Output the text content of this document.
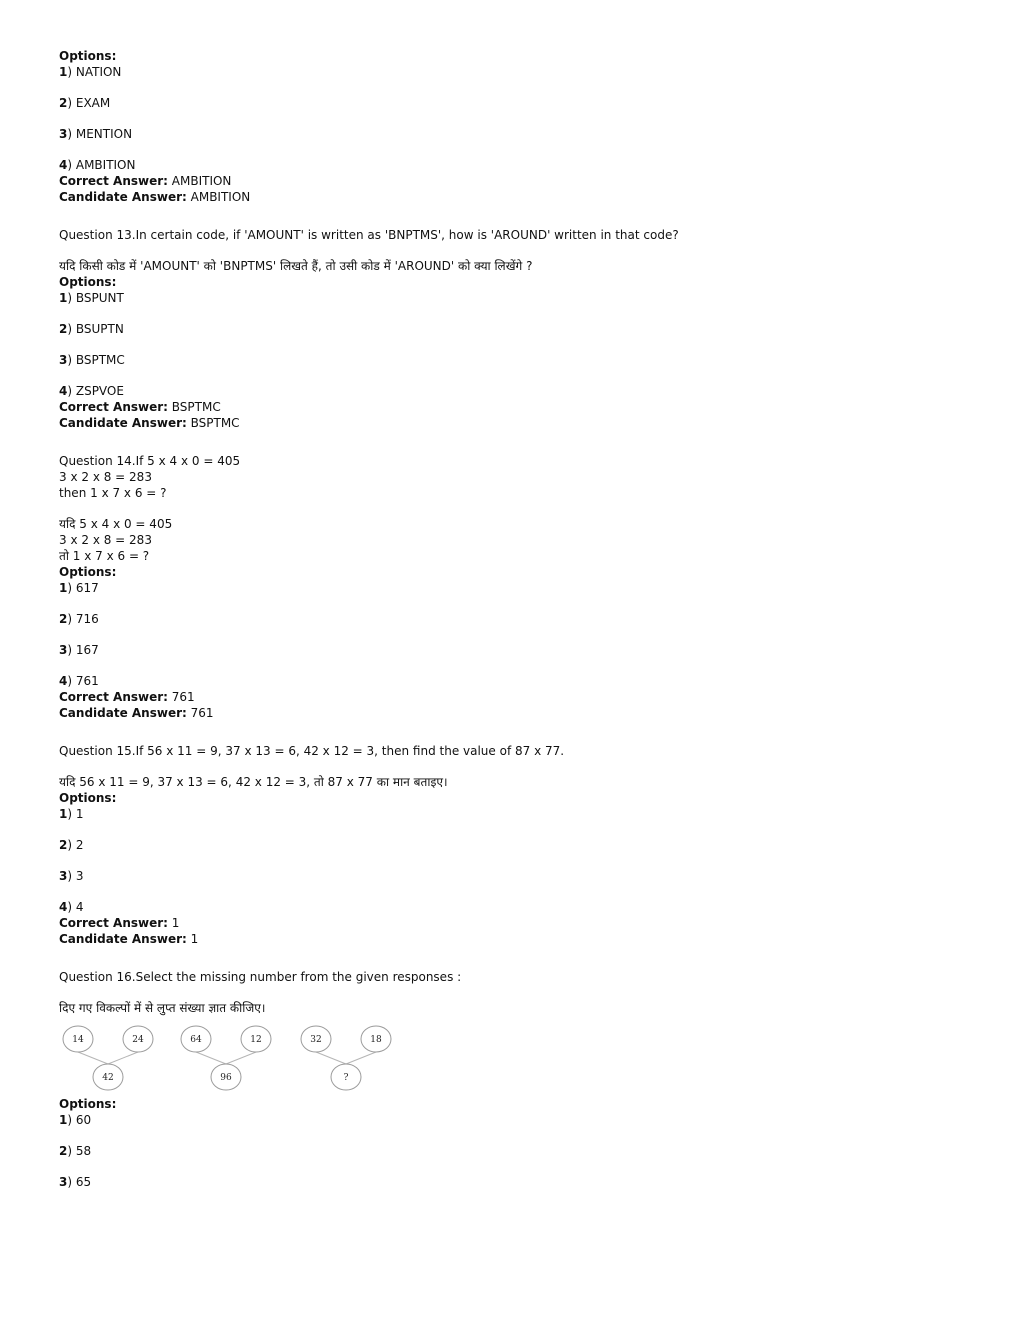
Options:
1) NATION
2) EXAM
3) MENTION
4) AMBITION
Correct Answer: AMBITION
Candidate Answer: AMBITION
Question 13.In certain code, if 'AMOUNT' is written as 'BNPTMS', how is 'AROUND' written in that code?
यदि किसी कोड में 'AMOUNT' को 'BNPTMS' लिखते हैं, तो उसी कोड में 'AROUND' को क्या लिखेंगे ?
Options:
1) BSPUNT
2) BSUPTN
3) BSPTMC
4) ZSPVOE
Correct Answer: BSPTMC
Candidate Answer: BSPTMC
Question 14.If 5 x 4 x 0 = 405
3 x 2 x 8 = 283
then 1 x 7 x 6 = ?
यदि 5 x 4 x 0 = 405
3 x 2 x 8 = 283
तो 1 x 7 x 6 = ?
Options:
1) 617
2) 716
3) 167
4) 761
Correct Answer: 761
Candidate Answer: 761
Question 15.If 56 x 11 = 9, 37 x 13 = 6, 42 x 12 = 3, then find the value of 87 x 77.
यदि 56 x 11 = 9, 37 x 13 = 6, 42 x 12 = 3, तो 87 x 77 का मान बताइए।
Options:
1) 1
2) 2
3) 3
4) 4
Correct Answer: 1
Candidate Answer: 1
Question 16.Select the missing number from the given responses :
दिए गए विकल्पों में से लुप्त संख्या ज्ञात कीजिए।
14	24
42
64	12
96
32	18
?
Options:
1) 60
2) 58
3) 65
